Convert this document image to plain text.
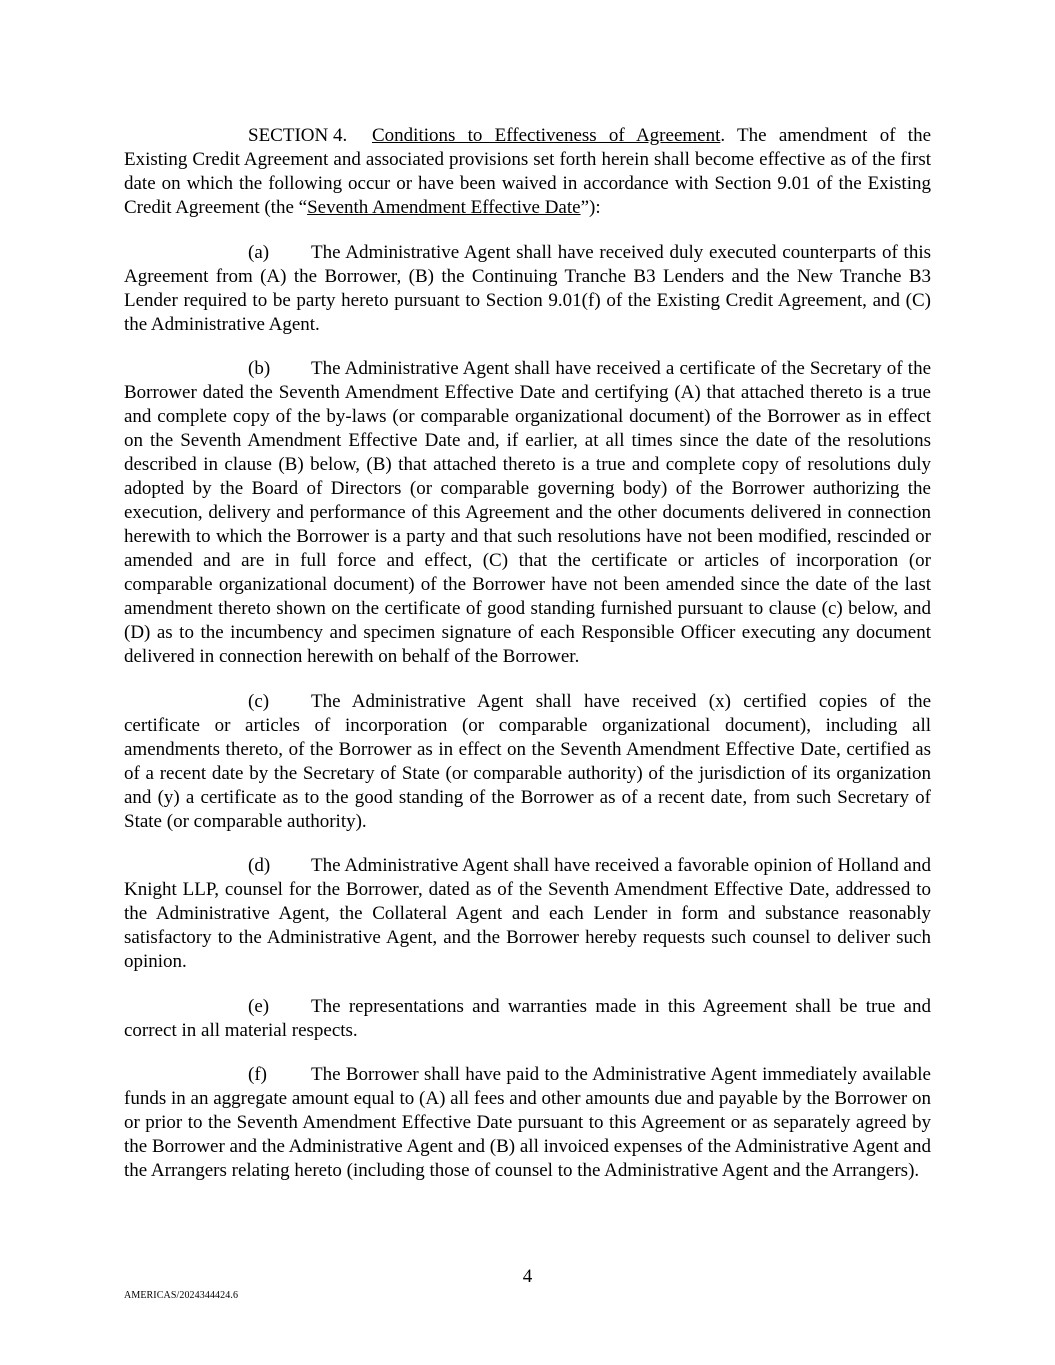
SECTION 4. Conditions to Effectiveness of Agreement. The amendment of the Existing Credit Agreement and associated provisions set forth herein shall become effective as of the first date on which the following occur or have been waived in accordance with Section 9.01 of the Existing Credit Agreement (the “Seventh Amendment Effective Date”):

(a) The Administrative Agent shall have received duly executed counterparts of this Agreement from (A) the Borrower, (B) the Continuing Tranche B3 Lenders and the New Tranche B3 Lender required to be party hereto pursuant to Section 9.01(f) of the Existing Credit Agreement, and (C) the Administrative Agent.

(b) The Administrative Agent shall have received a certificate of the Secretary of the Borrower dated the Seventh Amendment Effective Date and certifying (A) that attached thereto is a true and complete copy of the by-laws (or comparable organizational document) of the Borrower as in effect on the Seventh Amendment Effective Date and, if earlier, at all times since the date of the resolutions described in clause (B) below, (B) that attached thereto is a true and complete copy of resolutions duly adopted by the Board of Directors (or comparable governing body) of the Borrower authorizing the execution, delivery and performance of this Agreement and the other documents delivered in connection herewith to which the Borrower is a party and that such resolutions have not been modified, rescinded or amended and are in full force and effect, (C) that the certificate or articles of incorporation (or comparable organizational document) of the Borrower have not been amended since the date of the last amendment thereto shown on the certificate of good standing furnished pursuant to clause (c) below, and (D) as to the incumbency and specimen signature of each Responsible Officer executing any document delivered in connection herewith on behalf of the Borrower.

(c) The Administrative Agent shall have received (x) certified copies of the certificate or articles of incorporation (or comparable organizational document), including all amendments thereto, of the Borrower as in effect on the Seventh Amendment Effective Date, certified as of a recent date by the Secretary of State (or comparable authority) of the jurisdiction of its organization and (y) a certificate as to the good standing of the Borrower as of a recent date, from such Secretary of State (or comparable authority).

(d) The Administrative Agent shall have received a favorable opinion of Holland and Knight LLP, counsel for the Borrower, dated as of the Seventh Amendment Effective Date, addressed to the Administrative Agent, the Collateral Agent and each Lender in form and substance reasonably satisfactory to the Administrative Agent, and the Borrower hereby requests such counsel to deliver such opinion.

(e) The representations and warranties made in this Agreement shall be true and correct in all material respects.

(f) The Borrower shall have paid to the Administrative Agent immediately available funds in an aggregate amount equal to (A) all fees and other amounts due and payable by the Borrower on or prior to the Seventh Amendment Effective Date pursuant to this Agreement or as separately agreed by the Borrower and the Administrative Agent and (B) all invoiced expenses of the Administrative Agent and the Arrangers relating hereto (including those of counsel to the Administrative Agent and the Arrangers).

4
AMERICAS/2024344424.6
